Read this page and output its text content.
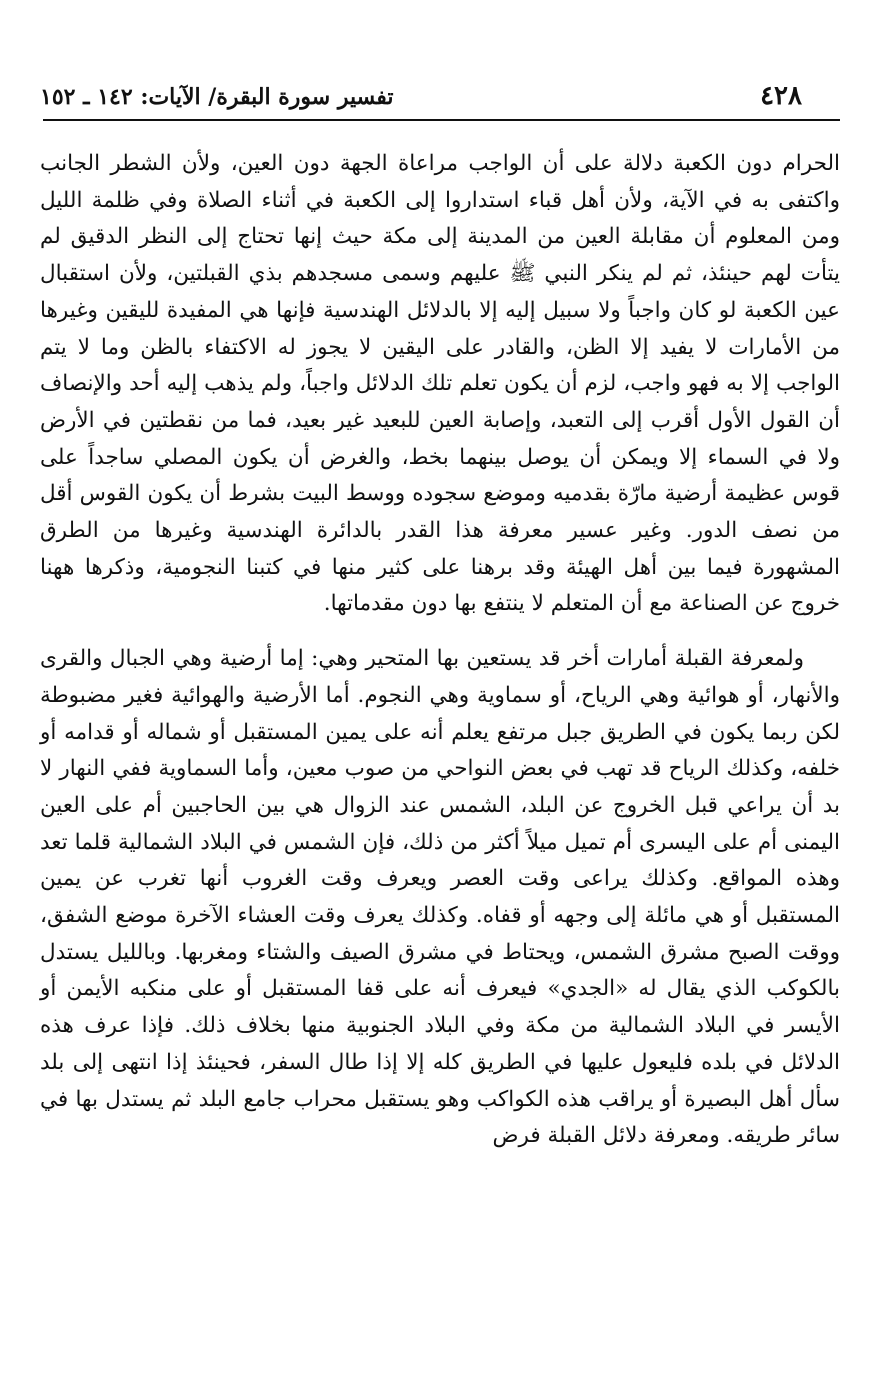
٤٢٨
تفسير سورة البقرة/ الآيات: ١٤٢ ـ ١٥٢

الحرام دون الكعبة دلالة على أن الواجب مراعاة الجهة دون العين، ولأن الشطر الجانب واكتفى به في الآية، ولأن أهل قباء استداروا إلى الكعبة في أثناء الصلاة وفي ظلمة الليل ومن المعلوم أن مقابلة العين من المدينة إلى مكة حيث إنها تحتاج إلى النظر الدقيق لم يتأت لهم حينئذ، ثم لم ينكر النبي ﷺ عليهم وسمى مسجدهم بذي القبلتين، ولأن استقبال عين الكعبة لو كان واجباً ولا سبيل إليه إلا بالدلائل الهندسية فإنها هي المفيدة لليقين وغيرها من الأمارات لا يفيد إلا الظن، والقادر على اليقين لا يجوز له الاكتفاء بالظن وما لا يتم الواجب إلا به فهو واجب، لزم أن يكون تعلم تلك الدلائل واجباً، ولم يذهب إليه أحد والإنصاف أن القول الأول أقرب إلى التعبد، وإصابة العين للبعيد غير بعيد، فما من نقطتين في الأرض ولا في السماء إلا ويمكن أن يوصل بينهما بخط، والغرض أن يكون المصلي ساجداً على قوس عظيمة أرضية مارّة بقدميه وموضع سجوده ووسط البيت بشرط أن يكون القوس أقل من نصف الدور. وغير عسير معرفة هذا القدر بالدائرة الهندسية وغيرها من الطرق المشهورة فيما بين أهل الهيئة وقد برهنا على كثير منها في كتبنا النجومية، وذكرها ههنا خروج عن الصناعة مع أن المتعلم لا ينتفع بها دون مقدماتها.

ولمعرفة القبلة أمارات أخر قد يستعين بها المتحير وهي: إما أرضية وهي الجبال والقرى والأنهار، أو هوائية وهي الرياح، أو سماوية وهي النجوم. أما الأرضية والهوائية فغير مضبوطة لكن ربما يكون في الطريق جبل مرتفع يعلم أنه على يمين المستقبل أو شماله أو قدامه أو خلفه، وكذلك الرياح قد تهب في بعض النواحي من صوب معين، وأما السماوية ففي النهار لا بد أن يراعي قبل الخروج عن البلد، الشمس عند الزوال هي بين الحاجبين أم على العين اليمنى أم على اليسرى أم تميل ميلاً أكثر من ذلك، فإن الشمس في البلاد الشمالية قلما تعد وهذه المواقع. وكذلك يراعى وقت العصر ويعرف وقت الغروب أنها تغرب عن يمين المستقبل أو هي مائلة إلى وجهه أو قفاه. وكذلك يعرف وقت العشاء الآخرة موضع الشفق، ووقت الصبح مشرق الشمس، ويحتاط في مشرق الصيف والشتاء ومغربها. وبالليل يستدل بالكوكب الذي يقال له «الجدي» فيعرف أنه على قفا المستقبل أو على منكبه الأيمن أو الأيسر في البلاد الشمالية من مكة وفي البلاد الجنوبية منها بخلاف ذلك. فإذا عرف هذه الدلائل في بلده فليعول عليها في الطريق كله إلا إذا طال السفر، فحينئذ إذا انتهى إلى بلد سأل أهل البصيرة أو يراقب هذه الكواكب وهو يستقبل محراب جامع البلد ثم يستدل بها في سائر طريقه. ومعرفة دلائل القبلة فرض
